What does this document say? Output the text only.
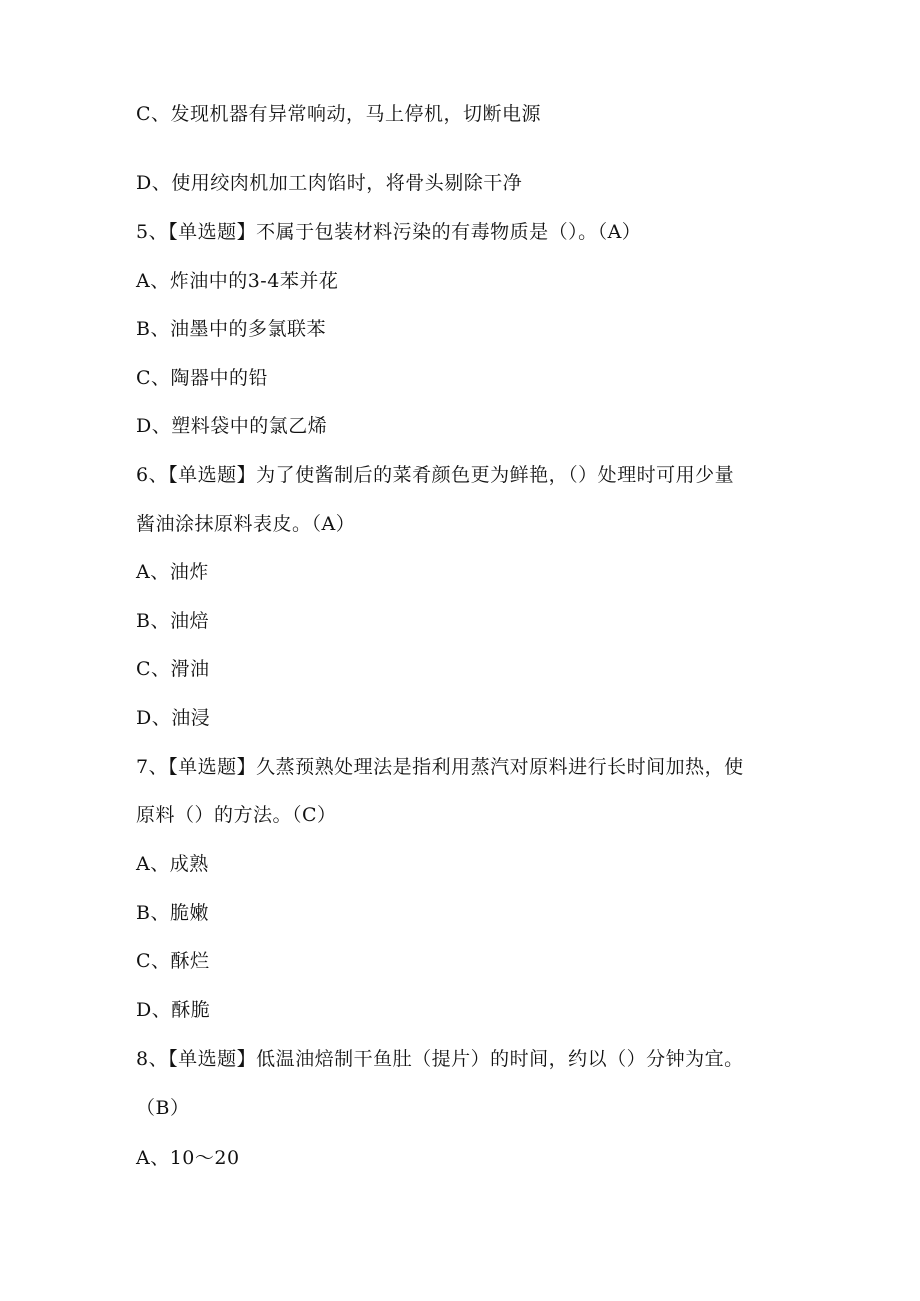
C、发现机器有异常响动，马上停机，切断电源
D、使用绞肉机加工肉馅时，将骨头剔除干净
5、【单选题】不属于包装材料污染的有毒物质是（）。（A）
A、炸油中的3-4苯并花
B、油墨中的多氯联苯
C、陶器中的铅
D、塑料袋中的氯乙烯
6、【单选题】为了使酱制后的菜肴颜色更为鲜艳，（）处理时可用少量
酱油涂抹原料表皮。（A）
A、油炸
B、油焙
C、滑油
D、油浸
7、【单选题】久蒸预熟处理法是指利用蒸汽对原料进行长时间加热，使
原料（）的方法。（C）
A、成熟
B、脆嫩
C、酥烂
D、酥脆
8、【单选题】低温油焙制干鱼肚（提片）的时间，约以（）分钟为宜。
（B）
A、10～20
